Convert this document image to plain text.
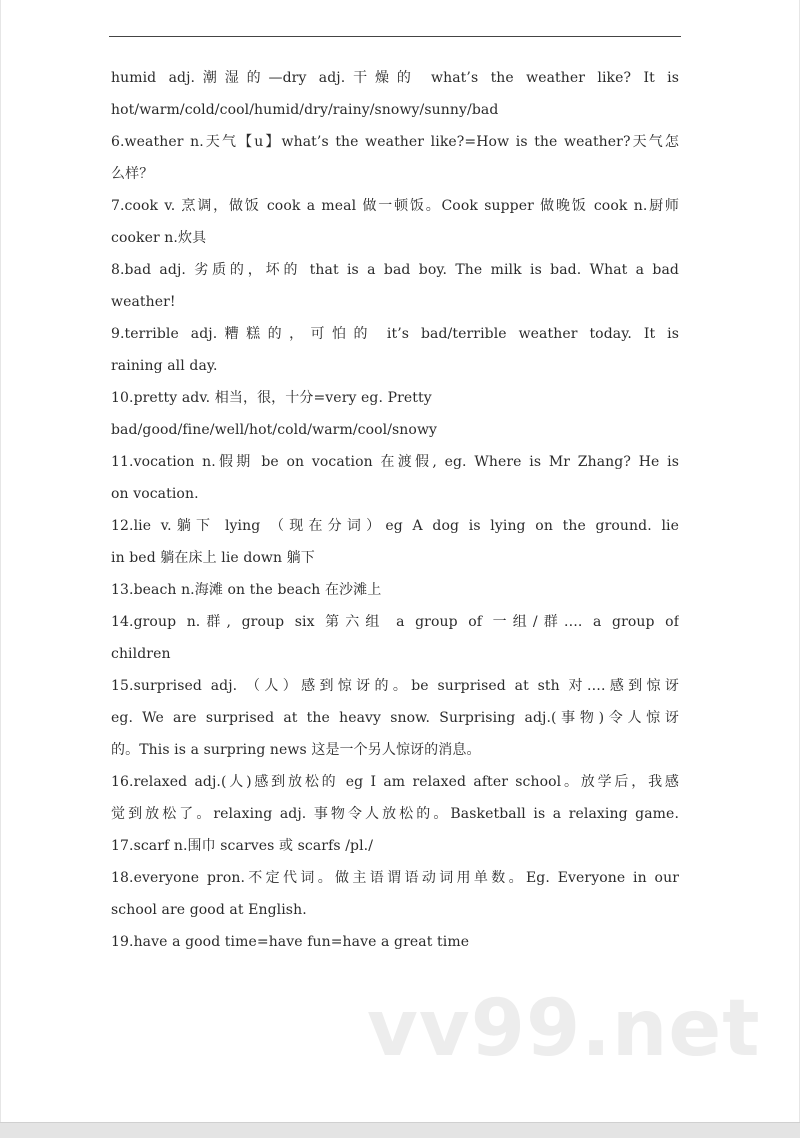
humid adj.潮湿的—dry adj.干燥的 what’s the weather like? It is
hot/warm/cold/cool/humid/dry/rainy/snowy/sunny/bad
6.weather n.天气【u】what’s the weather like?=How is the weather?天气怎
么样？
7.cook v. 烹调，做饭 cook a meal 做一顿饭。Cook supper 做晚饭 cook n.厨师
cooker n.炊具
8.bad adj. 劣质的，坏的 that is a bad boy. The milk is bad. What a bad
weather!
9.terrible adj.糟糕的，可怕的 it’s bad/terrible weather today. It is
raining all day.
10.pretty adv. 相当，很，十分=very eg. Pretty
bad/good/fine/well/hot/cold/warm/cool/snowy
11.vocation n.假期 be on vocation 在渡假, eg. Where is Mr Zhang? He is
on vocation.
12.lie v.躺下 lying （现在分词）eg A dog is lying on the ground. lie
in bed 躺在床上 lie down 躺下
13.beach n.海滩 on the beach 在沙滩上
14.group n.群, group six 第六组 a group of 一组/群…. a group of
children
15.surprised adj. （人）感到惊讶的。be surprised at sth 对….感到惊讶
eg. We are surprised at the heavy snow. Surprising adj.(事物)令人惊讶
的。This is a surpring news 这是一个另人惊讶的消息。
16.relaxed adj.(人)感到放松的 eg I am relaxed after school。放学后，我感
觉到放松了。relaxing adj. 事物令人放松的。Basketball is a relaxing game.
17.scarf n.围巾 scarves 或 scarfs /pl./
18.everyone pron.不定代词。做主语谓语动词用单数。Eg. Everyone in our
school are good at English.
19.have a good time=have fun=have a great time
vv99.net
